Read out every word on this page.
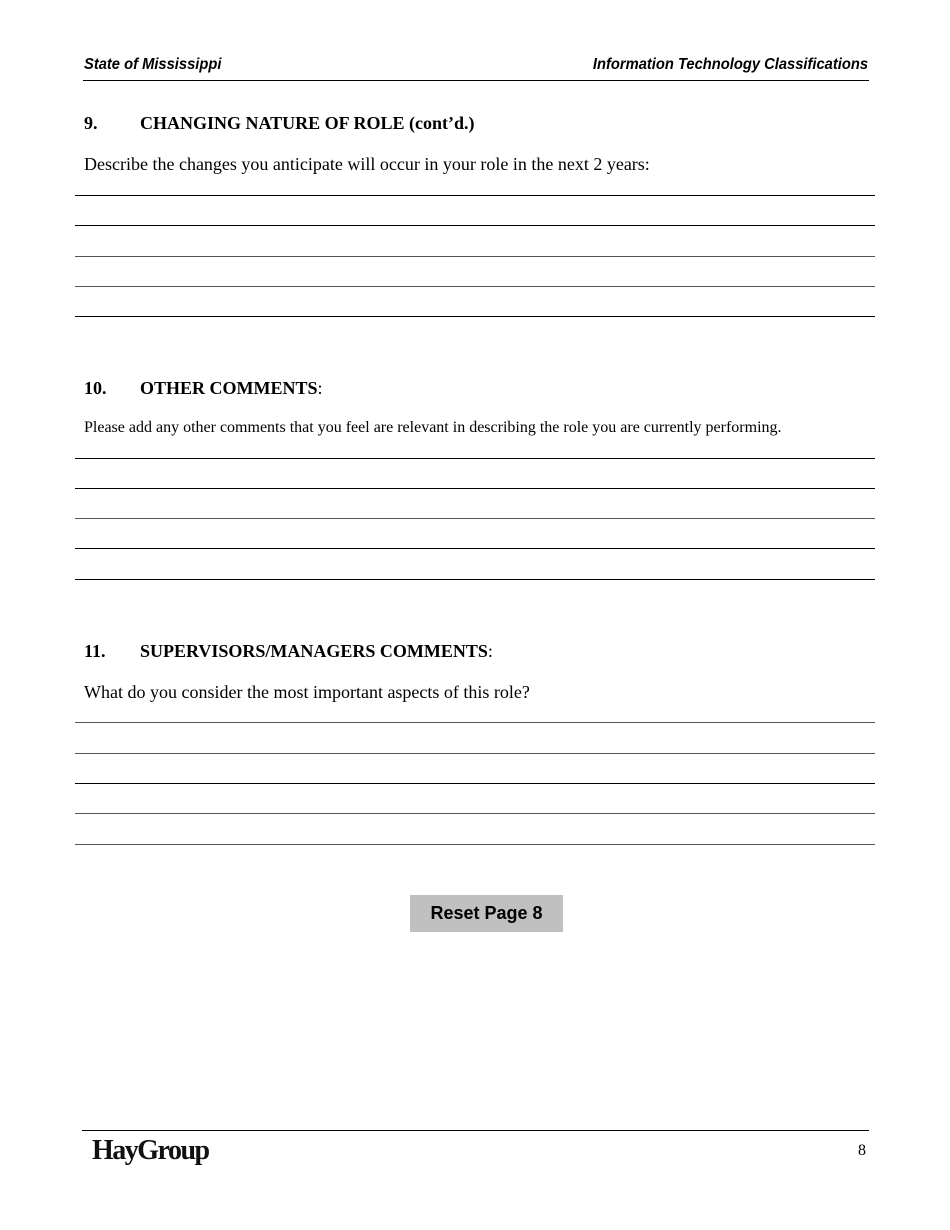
State of Mississippi	Information Technology Classifications
9. CHANGING NATURE OF ROLE (cont’d.)
Describe the changes you anticipate will occur in your role in the next 2 years:
10. OTHER COMMENTS:
Please add any other comments that you feel are relevant in describing the role you are currently performing.
11. SUPERVISORS/MANAGERS COMMENTS:
What do you consider the most important aspects of this role?
Reset Page 8
HayGroup	8
